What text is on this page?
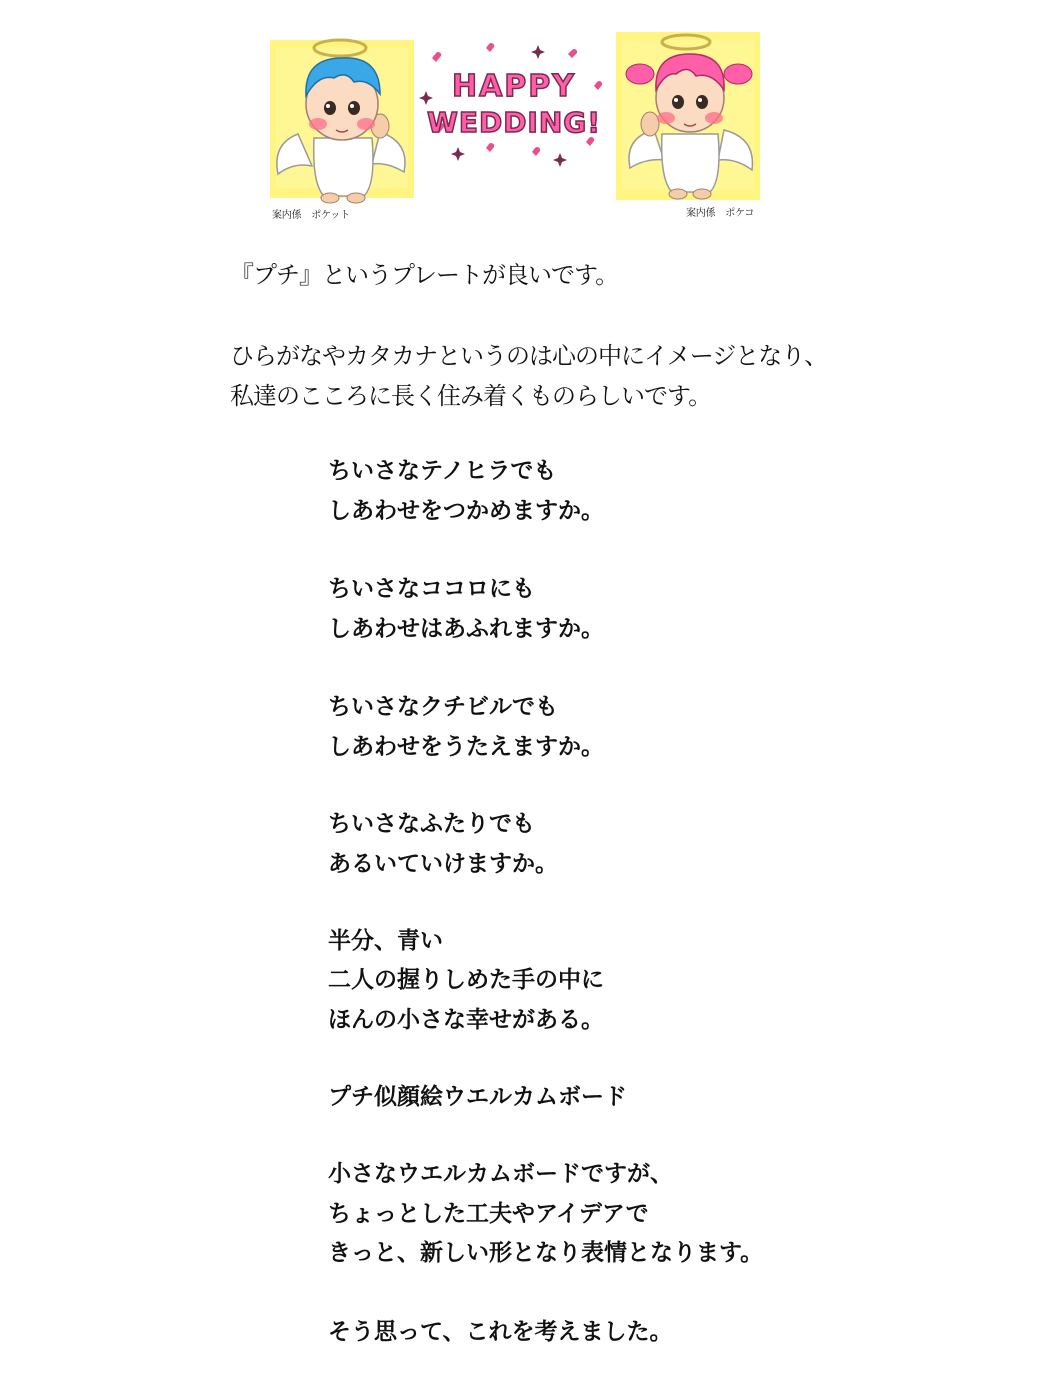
案内係　ポケット
HAPPY
WEDDING!
案内係　ポケコ
『プチ』というプレートが良いです。
ひらがなやカタカナというのは心の中にイメージとなり、
私達のこころに長く住み着くものらしいです。
ちいさなテノヒラでも
しあわせをつかめますか。
ちいさなココロにも
しあわせはあふれますか。
ちいさなクチビルでも
しあわせをうたえますか。
ちいさなふたりでも
あるいていけますか。
半分、青い
二人の握りしめた手の中に
ほんの小さな幸せがある。
プチ似顔絵ウエルカムボード
小さなウエルカムボードですが、
ちょっとした工夫やアイデアで
きっと、新しい形となり表情となります。
そう思って、これを考えました。
